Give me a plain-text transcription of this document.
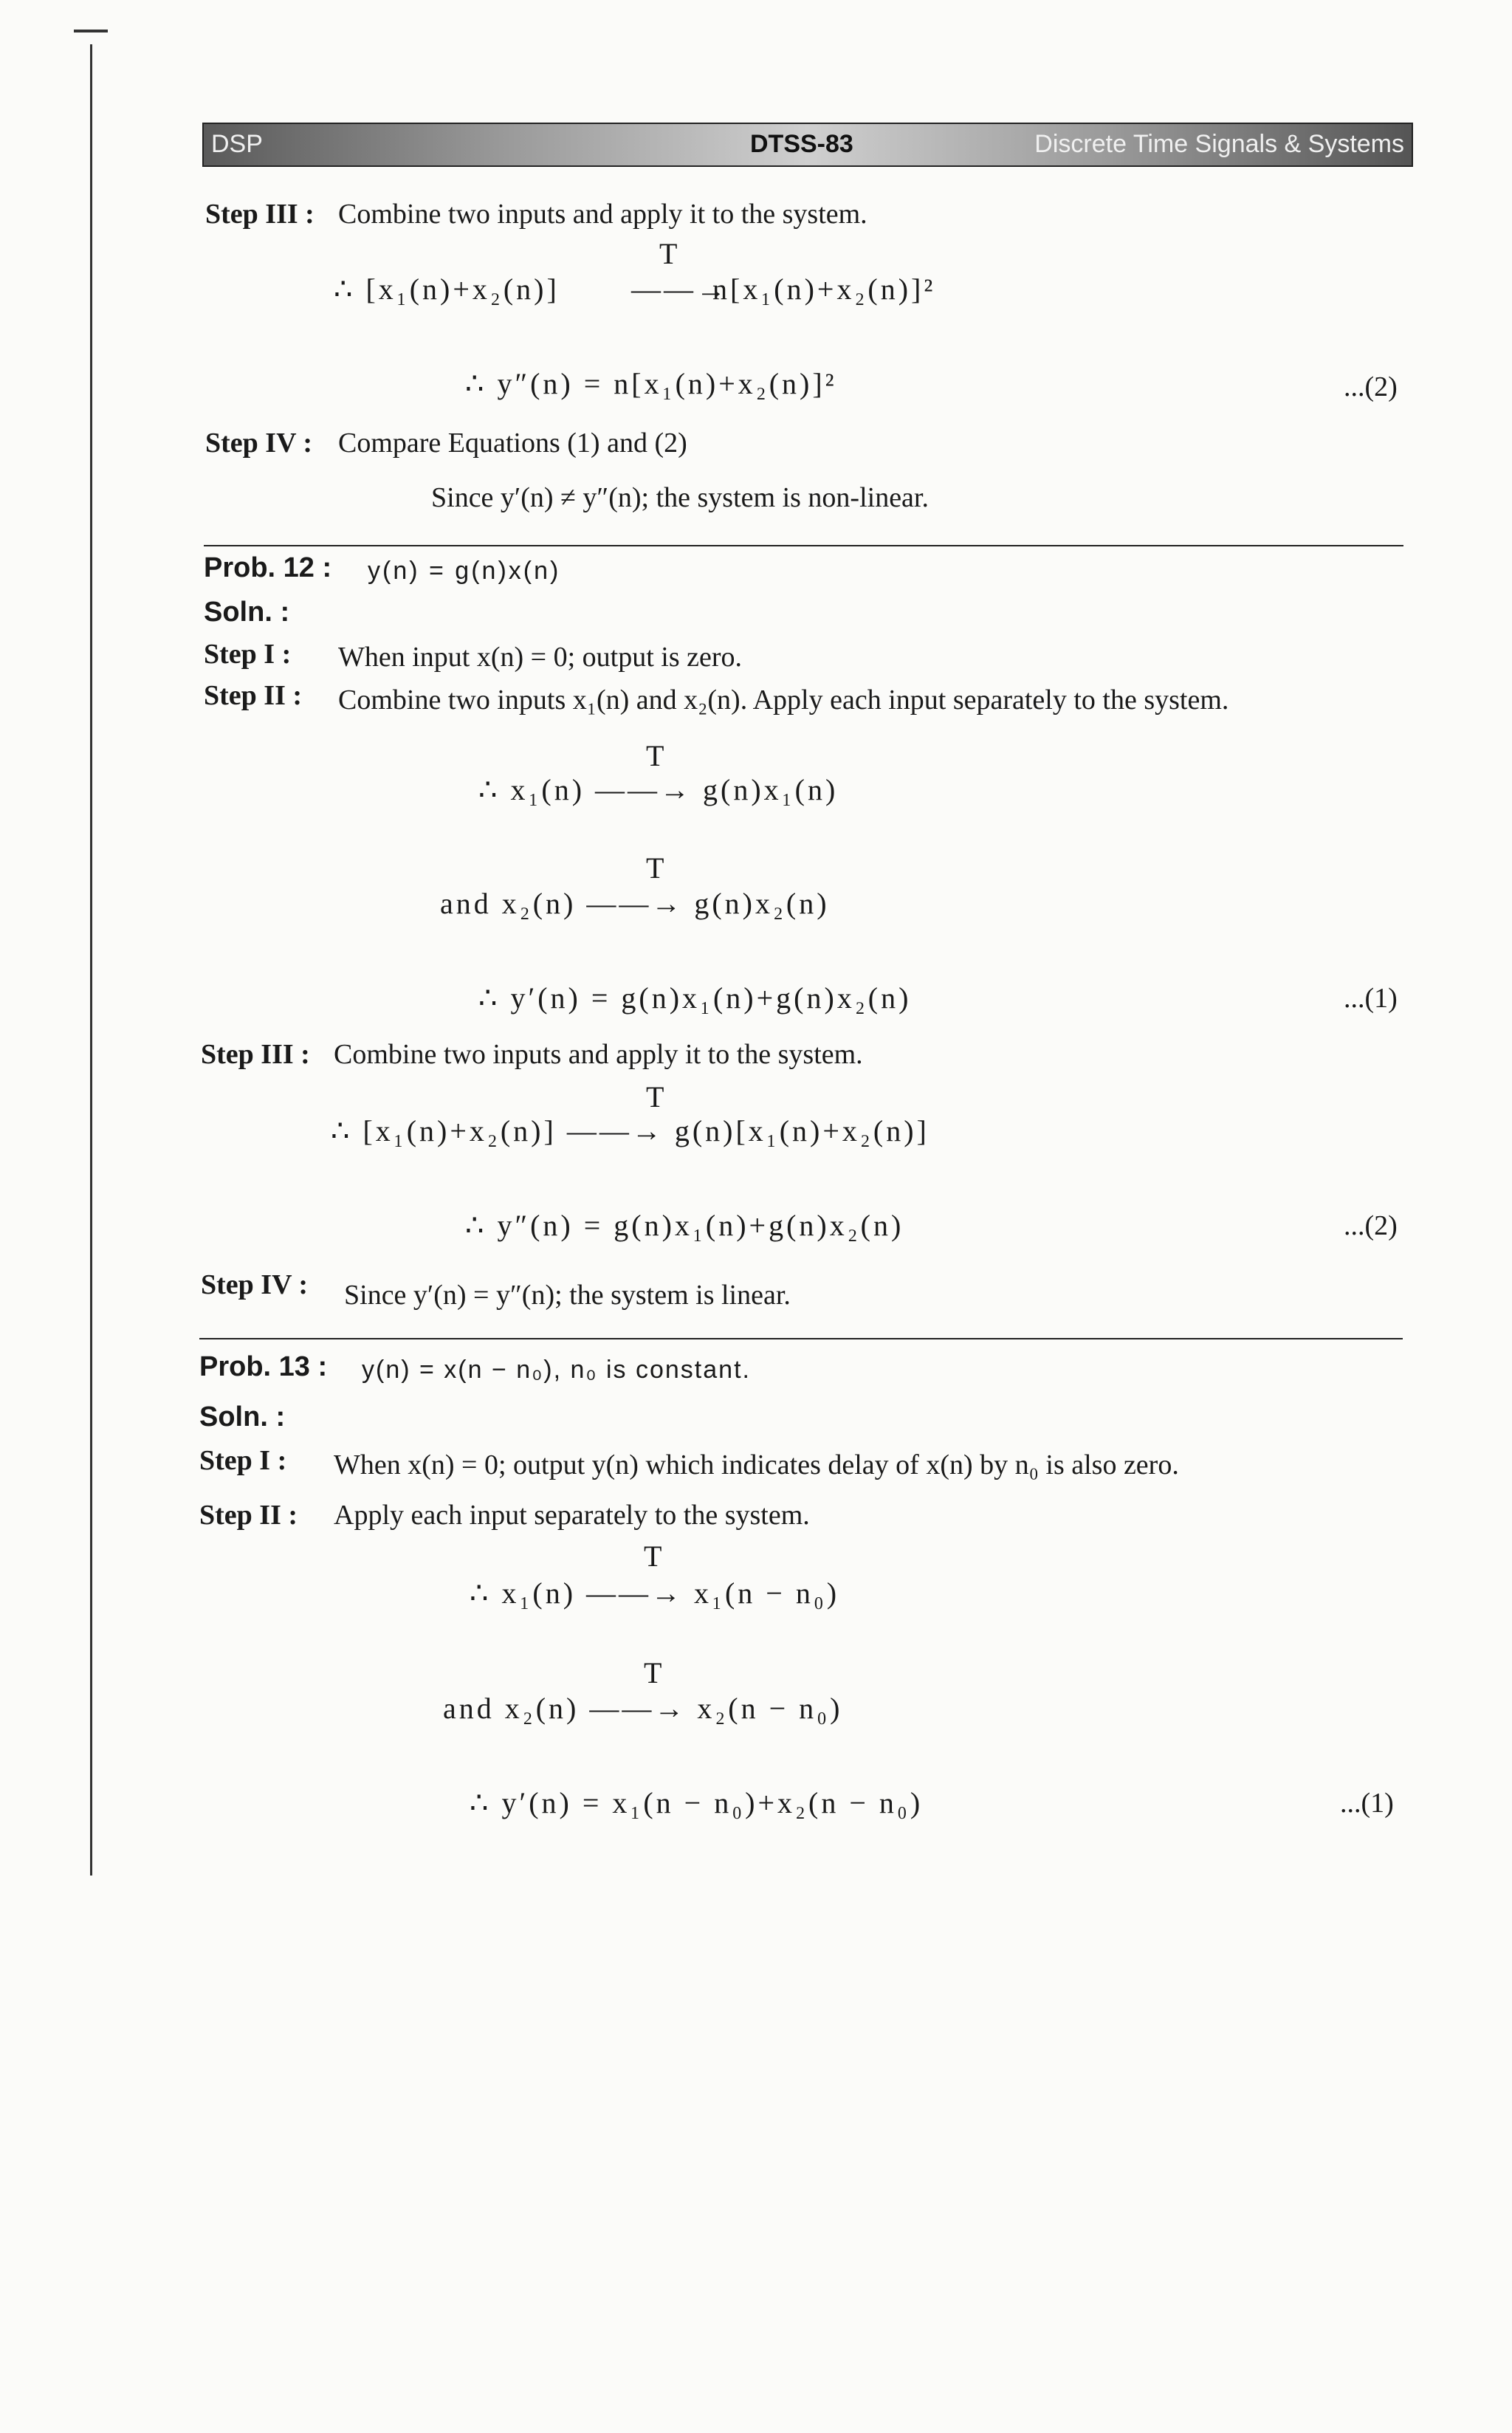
DSP	DTSS-83	Discrete Time Signals & Systems
Step III : Combine two inputs and apply it to the system.
T
∴ [x₁(n)+x₂(n)] ——→
n[x₁(n)+x₂(n)]²
∴ y″(n) = n[x₁(n)+x₂(n)]²	...(2)
Step IV : Compare Equations (1) and (2)
Since y′(n) ≠ y″(n); the system is non-linear.
Prob. 12 : y(n) = g(n)x(n)
Soln. :
Step I : When input x(n) = 0; output is zero.
Step II : Combine two inputs x₁(n) and x₂(n). Apply each input separately to the system.
T
∴ x₁(n) ——→ g(n)x₁(n)
T
and x₂(n) ——→ g(n)x₂(n)
∴ y′(n) = g(n)x₁(n)+g(n)x₂(n)	...(1)
Step III : Combine two inputs and apply it to the system.
T
∴ [x₁(n)+x₂(n)] ——→ g(n)[x₁(n)+x₂(n)]
∴ y″(n) = g(n)x₁(n)+g(n)x₂(n)	...(2)
Step IV : Since y′(n) = y″(n); the system is linear.
Prob. 13 : y(n) = x(n − n₀), n₀ is constant.
Soln. :
Step I : When x(n) = 0; output y(n) which indicates delay of x(n) by n₀ is also zero.
Step II : Apply each input separately to the system.
T
∴ x₁(n) ——→ x₁(n − n₀)
T
and x₂(n) ——→ x₂(n − n₀)
∴ y′(n) = x₁(n − n₀)+x₂(n − n₀)	...(1)
